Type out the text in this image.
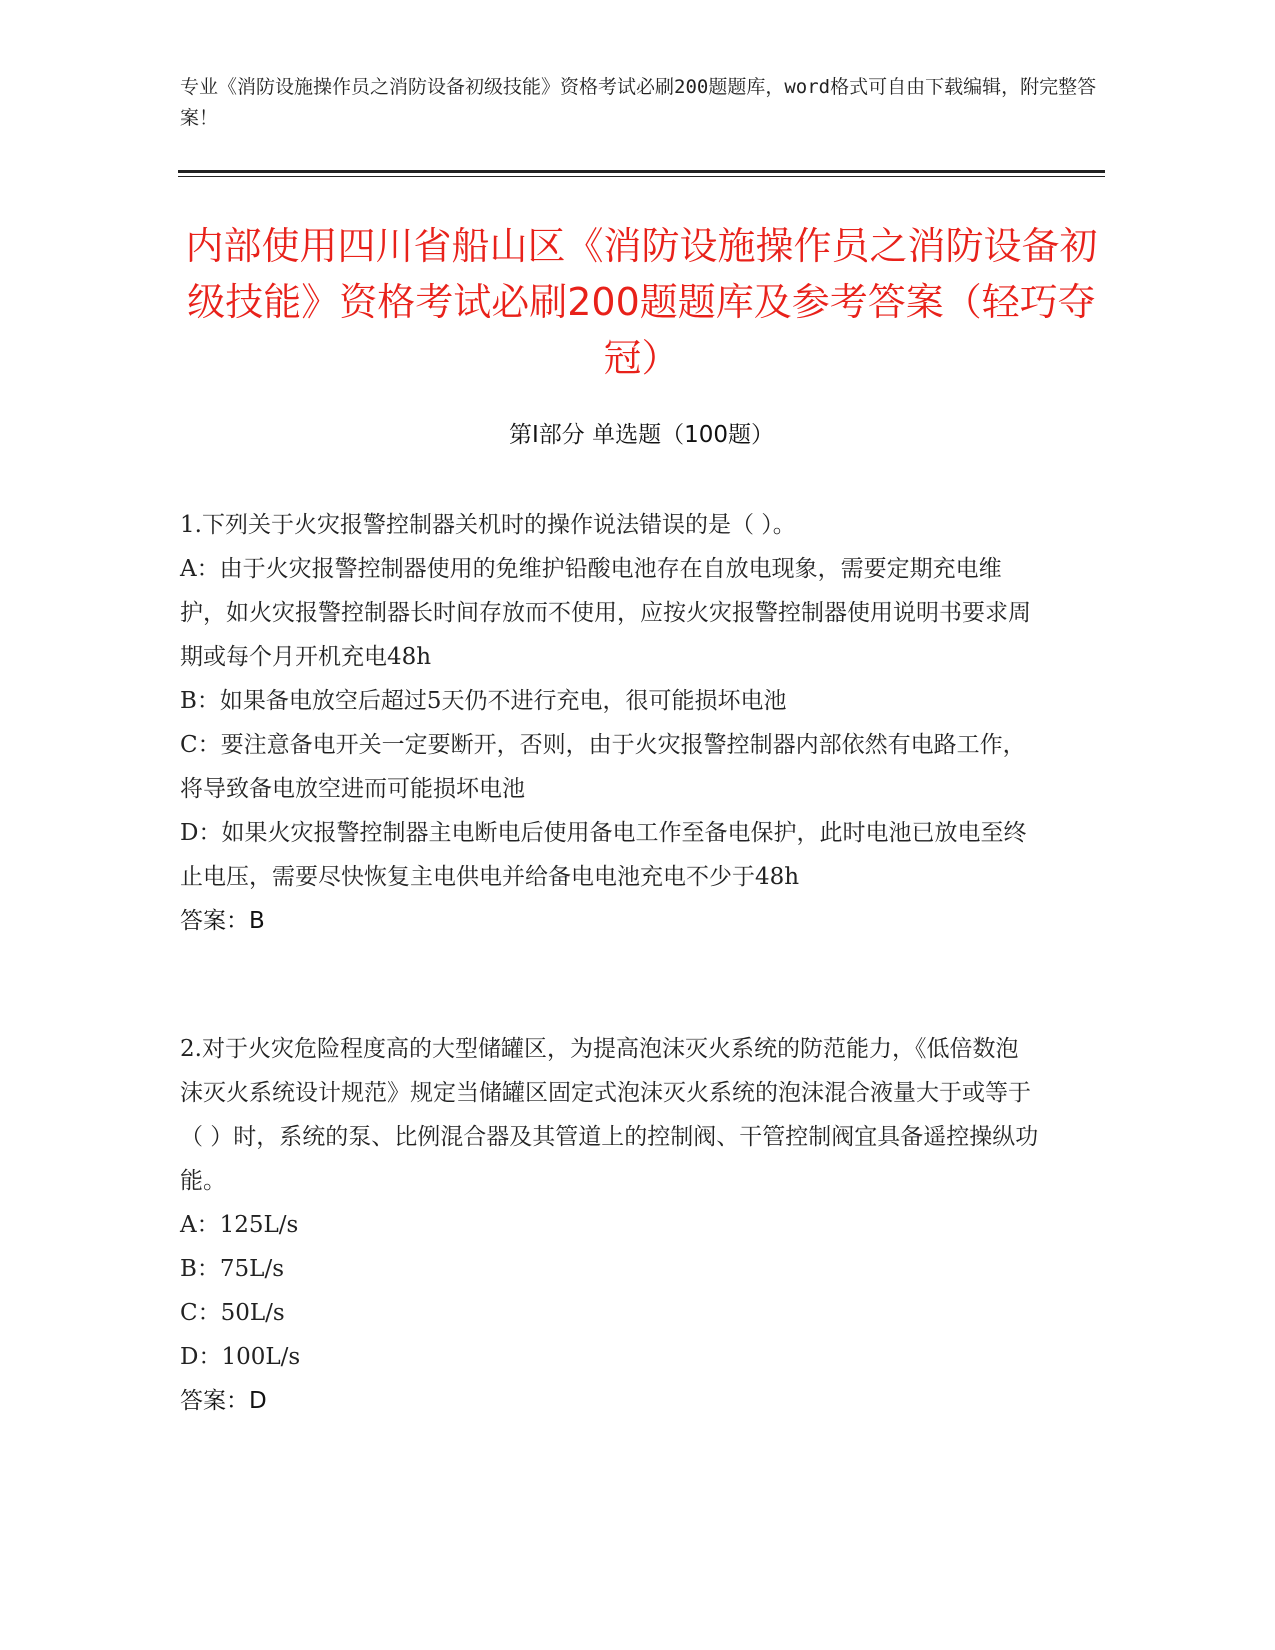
专业《消防设施操作员之消防设备初级技能》资格考试必刷200题题库，word格式可自由下载编辑，附完整答案！
内部使用四川省船山区《消防设施操作员之消防设备初级技能》资格考试必刷200题题库及参考答案（轻巧夺冠）
第Ⅰ部分 单选题（100题）
1.下列关于火灾报警控制器关机时的操作说法错误的是（ ）。
A：由于火灾报警控制器使用的免维护铅酸电池存在自放电现象，需要定期充电维护，如火灾报警控制器长时间存放而不使用，应按火灾报警控制器使用说明书要求周期或每个月开机充电48h
B：如果备电放空后超过5天仍不进行充电，很可能损坏电池
C：要注意备电开关一定要断开，否则，由于火灾报警控制器内部依然有电路工作，将导致备电放空进而可能损坏电池
D：如果火灾报警控制器主电断电后使用备电工作至备电保护，此时电池已放电至终止电压，需要尽快恢复主电供电并给备电电池充电不少于48h
答案：B
2.对于火灾危险程度高的大型储罐区，为提高泡沫灭火系统的防范能力，《低倍数泡沫灭火系统设计规范》规定当储罐区固定式泡沫灭火系统的泡沫混合液量大于或等于（ ）时，系统的泵、比例混合器及其管道上的控制阀、干管控制阀宜具备遥控操纵功能。
A：125L/s
B：75L/s
C：50L/s
D：100L/s
答案：D
